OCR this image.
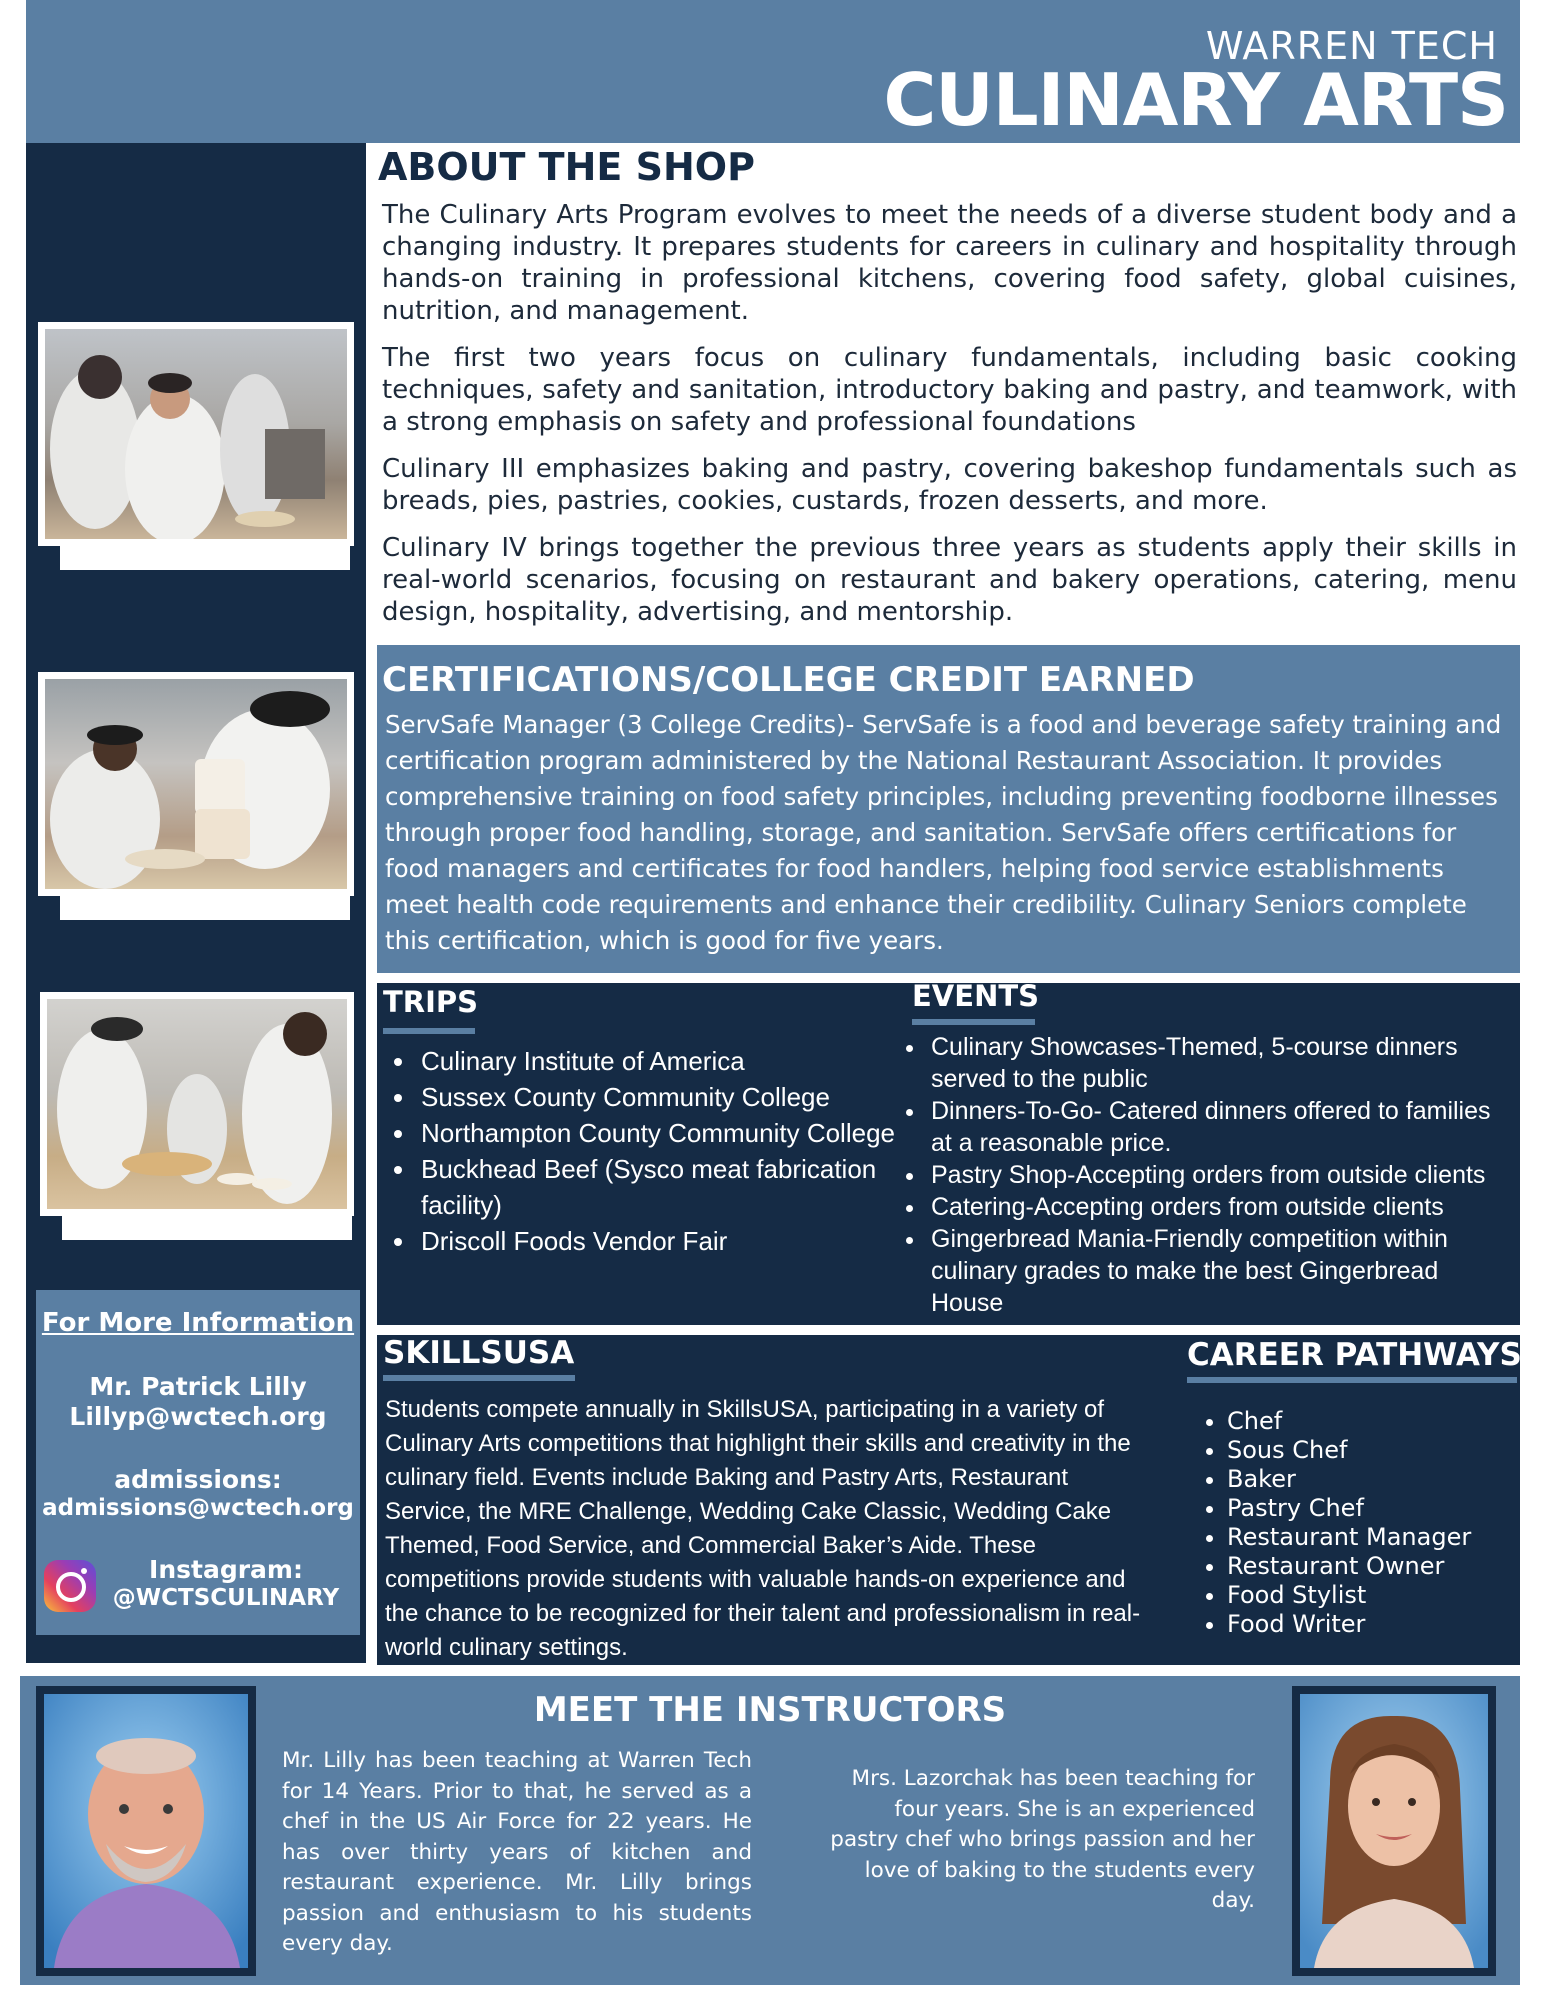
WARREN TECH
CULINARY ARTS
For More Information
Mr. Patrick Lilly
Lillyp@wctech.org
admissions:
admissions@wctech.org
Instagram:
@WCTSCULINARY
ABOUT THE SHOP
The Culinary Arts Program evolves to meet the needs of a diverse student body and a changing industry. It prepares students for careers in culinary and hospitality through hands-on training in professional kitchens, covering food safety, global cuisines, nutrition, and management.
The first two years focus on culinary fundamentals, including basic cooking techniques, safety and sanitation, introductory baking and pastry, and teamwork, with a strong emphasis on safety and professional foundations
Culinary III emphasizes baking and pastry, covering bakeshop fundamentals such as breads, pies, pastries, cookies, custards, frozen desserts, and more.
Culinary IV brings together the previous three years as students apply their skills in real-world scenarios, focusing on restaurant and bakery operations, catering, menu design, hospitality, advertising, and mentorship.
CERTIFICATIONS/COLLEGE CREDIT EARNED
ServSafe Manager (3 College Credits)- ServSafe is a food and beverage safety training and certification program administered by the National Restaurant Association. It provides comprehensive training on food safety principles, including preventing foodborne illnesses through proper food handling, storage, and sanitation. ServSafe offers certifications for food managers and certificates for food handlers, helping food service establishments meet health code requirements and enhance their credibility. Culinary Seniors complete this certification, which is good for five years.
TRIPS
• Culinary Institute of America
• Sussex County Community College
• Northampton County Community College
• Buckhead Beef (Sysco meat fabrication facility)
• Driscoll Foods Vendor Fair
EVENTS
• Culinary Showcases-Themed, 5-course dinners served to the public
• Dinners-To-Go- Catered dinners offered to families at a reasonable price.
• Pastry Shop-Accepting orders from outside clients
• Catering-Accepting orders from outside clients
• Gingerbread Mania-Friendly competition within culinary grades to make the best Gingerbread House
SKILLSUSA
Students compete annually in SkillsUSA, participating in a variety of Culinary Arts competitions that highlight their skills and creativity in the culinary field. Events include Baking and Pastry Arts, Restaurant Service, the MRE Challenge, Wedding Cake Classic, Wedding Cake Themed, Food Service, and Commercial Baker’s Aide. These competitions provide students with valuable hands-on experience and the chance to be recognized for their talent and professionalism in real-world culinary settings.
CAREER PATHWAYS
• Chef
• Sous Chef
• Baker
• Pastry Chef
• Restaurant Manager
• Restaurant Owner
• Food Stylist
• Food Writer
MEET THE INSTRUCTORS
Mr. Lilly has been teaching at Warren Tech for 14 Years. Prior to that, he served as a chef in the US Air Force for 22 years. He has over thirty years of kitchen and restaurant experience. Mr. Lilly brings passion and enthusiasm to his students every day.
Mrs. Lazorchak has been teaching for four years. She is an experienced pastry chef who brings passion and her love of baking to the students every day.
